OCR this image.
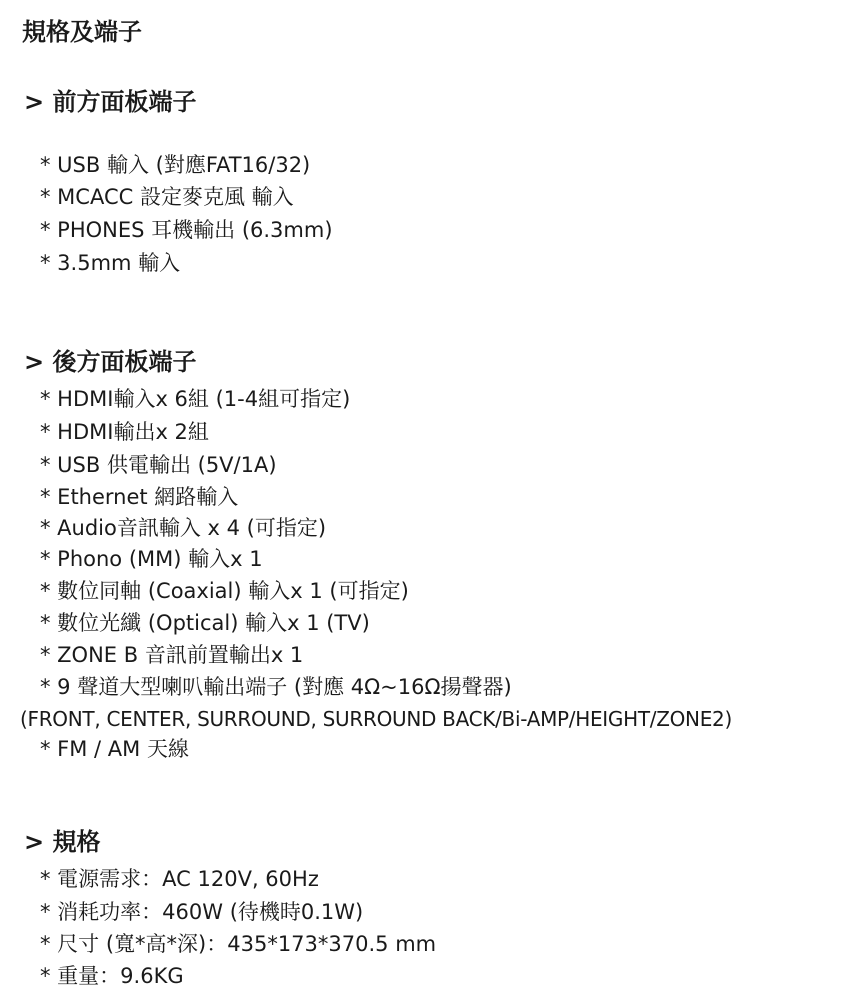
規格及端子
> 前方面板端子
* USB 輸入 (對應FAT16/32)
* MCACC 設定麥克風 輸入
* PHONES 耳機輸出 (6.3mm)
* 3.5mm 輸入
> 後方面板端子
* HDMI輸入x 6組 (1-4組可指定)
* HDMI輸出x 2組
* USB 供電輸出 (5V/1A)
* Ethernet 網路輸入
* Audio音訊輸入 x 4 (可指定)
* Phono (MM) 輸入x 1
* 數位同軸 (Coaxial) 輸入x 1 (可指定)
* 數位光纖 (Optical) 輸入x 1 (TV)
* ZONE B 音訊前置輸出x 1
* 9 聲道大型喇叭輸出端子 (對應 4Ω~16Ω揚聲器)
(FRONT, CENTER, SURROUND, SURROUND BACK/Bi-AMP/HEIGHT/ZONE2)
* FM / AM 天線
> 規格
* 電源需求：AC 120V, 60Hz
* 消耗功率：460W (待機時0.1W)
* 尺寸 (寬*高*深)：435*173*370.5 mm
* 重量：9.6KG
